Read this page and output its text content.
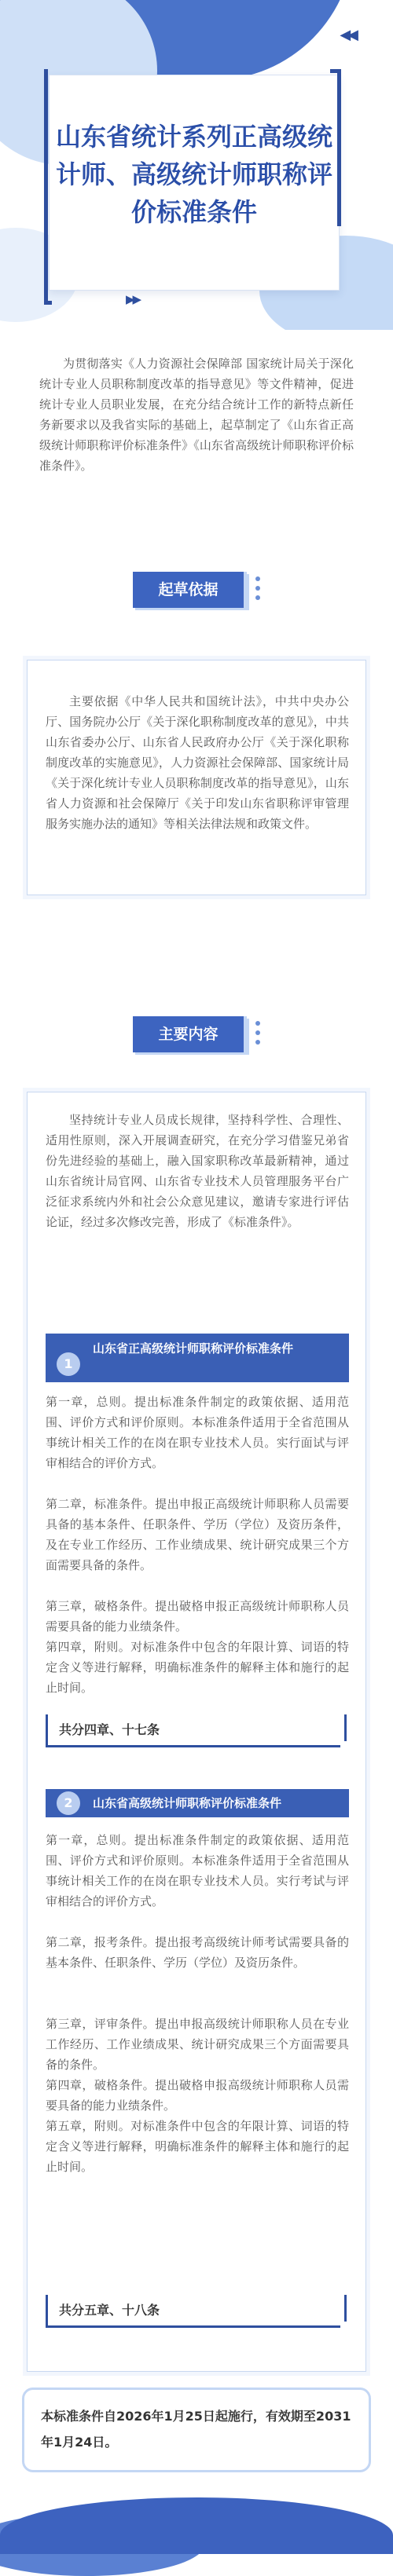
◀◀
山东省统计系列正高级统计师、高级统计师职称评价标准条件
▶▶

为贯彻落实《人力资源社会保障部 国家统计局关于深化统计专业人员职称制度改革的指导意见》等文件精神，促进统计专业人员职业发展，在充分结合统计工作的新特点新任务新要求以及我省实际的基础上，起草制定了《山东省正高级统计师职称评价标准条件》《山东省高级统计师职称评价标准条件》。

起草依据

主要依据《中华人民共和国统计法》，中共中央办公厅、国务院办公厅《关于深化职称制度改革的意见》，中共山东省委办公厅、山东省人民政府办公厅《关于深化职称制度改革的实施意见》，人力资源社会保障部、国家统计局《关于深化统计专业人员职称制度改革的指导意见》，山东省人力资源和社会保障厅《关于印发山东省职称评审管理服务实施办法的通知》等相关法律法规和政策文件。

主要内容

坚持统计专业人员成长规律，坚持科学性、合理性、适用性原则，深入开展调查研究，在充分学习借鉴兄弟省份先进经验的基础上，融入国家职称改革最新精神，通过山东省统计局官网、山东省专业技术人员管理服务平台广泛征求系统内外和社会公众意见建议，邀请专家进行评估论证，经过多次修改完善，形成了《标准条件》。

山东省正高级统计师职称评价标准条件
1

第一章，总则。提出标准条件制定的政策依据、适用范围、评价方式和评价原则。本标准条件适用于全省范围从事统计相关工作的在岗在职专业技术人员。实行面试与评审相结合的评价方式。

第二章，标准条件。提出申报正高级统计师职称人员需要具备的基本条件、任职条件、学历（学位）及资历条件，及在专业工作经历、工作业绩成果、统计研究成果三个方面需要具备的条件。

第三章，破格条件。提出破格申报正高级统计师职称人员需要具备的能力业绩条件。

第四章，附则。对标准条件中包含的年限计算、词语的特定含义等进行解释，明确标准条件的解释主体和施行的起止时间。

共分四章、十七条
山东省高级统计师职称评价标准条件
2

第一章，总则。提出标准条件制定的政策依据、适用范围、评价方式和评价原则。本标准条件适用于全省范围从事统计相关工作的在岗在职专业技术人员。实行考试与评审相结合的评价方式。

第二章，报考条件。提出报考高级统计师考试需要具备的基本条件、任职条件、学历（学位）及资历条件。

第三章，评审条件。提出申报高级统计师职称人员在专业工作经历、工作业绩成果、统计研究成果三个方面需要具备的条件。

第四章，破格条件。提出破格申报高级统计师职称人员需要具备的能力业绩条件。

第五章，附则。对标准条件中包含的年限计算、词语的特定含义等进行解释，明确标准条件的解释主体和施行的起止时间。

共分五章、十八条

本标准条件自2026年1月25日起施行，有效期至2031年1月24日。
